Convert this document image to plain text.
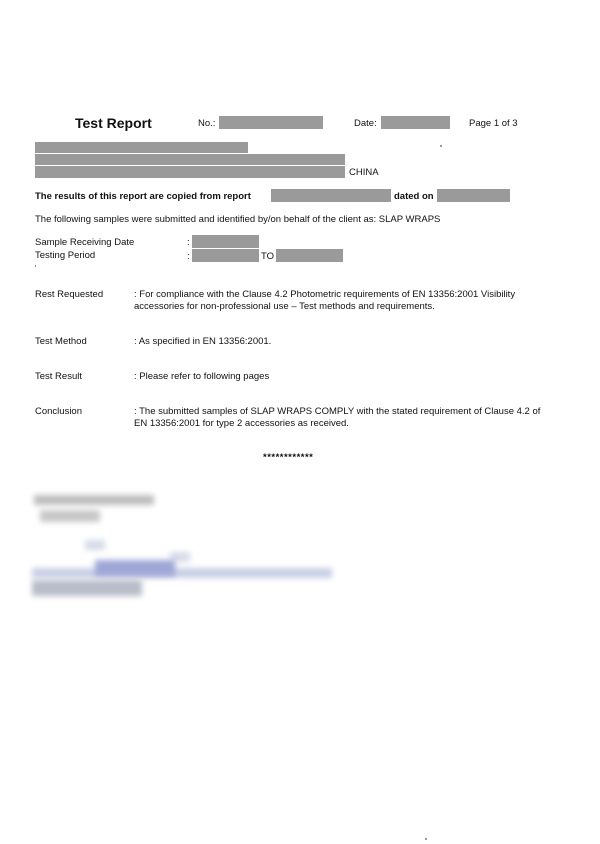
Test Report	No.:	Date:	Page 1 of 3
CHINA
The results of this report are copied from report	dated on
The following samples were submitted and identified by/on behalf of the client as: SLAP WRAPS
Sample Receiving Date	:
Testing Period	:	TO
Rest Requested	: For compliance with the Clause 4.2 Photometric requirements of EN 13356:2001 Visibility accessories for non-professional use – Test methods and requirements.
Test Method	: As specified in EN 13356:2001.
Test Result	: Please refer to following pages
Conclusion	: The submitted samples of SLAP WRAPS COMPLY with the stated requirement of Clause 4.2 of EN 13356:2001 for type 2 accessories as received.
************
